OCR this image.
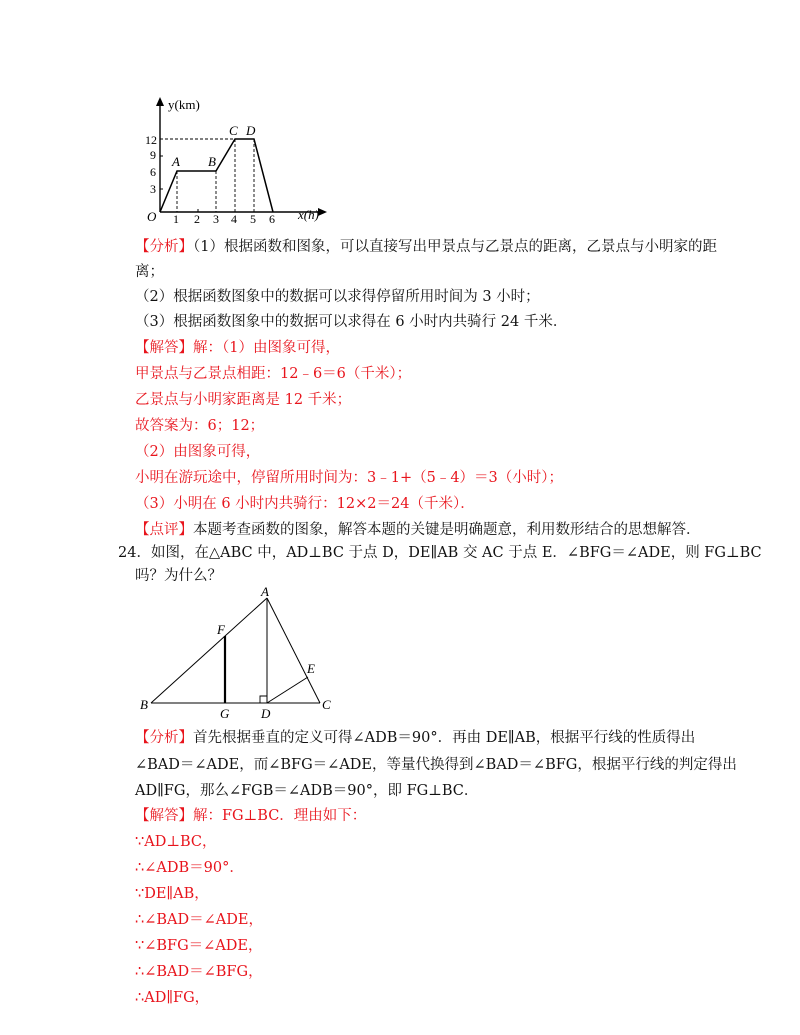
y(km)
x(h)
O
12
9
6
3
1 2 3 4 5 6
A B
C D
【分析】（1）根据函数和图象，可以直接写出甲景点与乙景点的距离，乙景点与小明家的距
离；
（2）根据函数图象中的数据可以求得停留所用时间为 3 小时；
（3）根据函数图象中的数据可以求得在 6 小时内共骑行 24 千米．
【解答】解：（1）由图象可得，
甲景点与乙景点相距：12﹣6＝6（千米）；
乙景点与小明家距离是 12 千米；
故答案为：6；12；
（2）由图象可得，
小明在游玩途中，停留所用时间为：3﹣1+（5﹣4）＝3（小时）；
（3）小明在 6 小时内共骑行：12×2＝24（千米）．
【点评】本题考查函数的图象，解答本题的关键是明确题意，利用数形结合的思想解答．
24．如图，在△ABC 中，AD⊥BC 于点 D，DE∥AB 交 AC 于点 E．∠BFG＝∠ADE，则 FG⊥BC
吗？为什么？
A
F
E
B
G D
C
【分析】首先根据垂直的定义可得∠ADB＝90°．再由 DE∥AB，根据平行线的性质得出
∠BAD＝∠ADE，而∠BFG＝∠ADE，等量代换得到∠BAD＝∠BFG，根据平行线的判定得出
AD∥FG，那么∠FGB＝∠ADB＝90°，即 FG⊥BC．
【解答】解：FG⊥BC．理由如下：
∵AD⊥BC，
∴∠ADB＝90°．
∵DE∥AB，
∴∠BAD＝∠ADE，
∵∠BFG＝∠ADE，
∴∠BAD＝∠BFG，
∴AD∥FG，
